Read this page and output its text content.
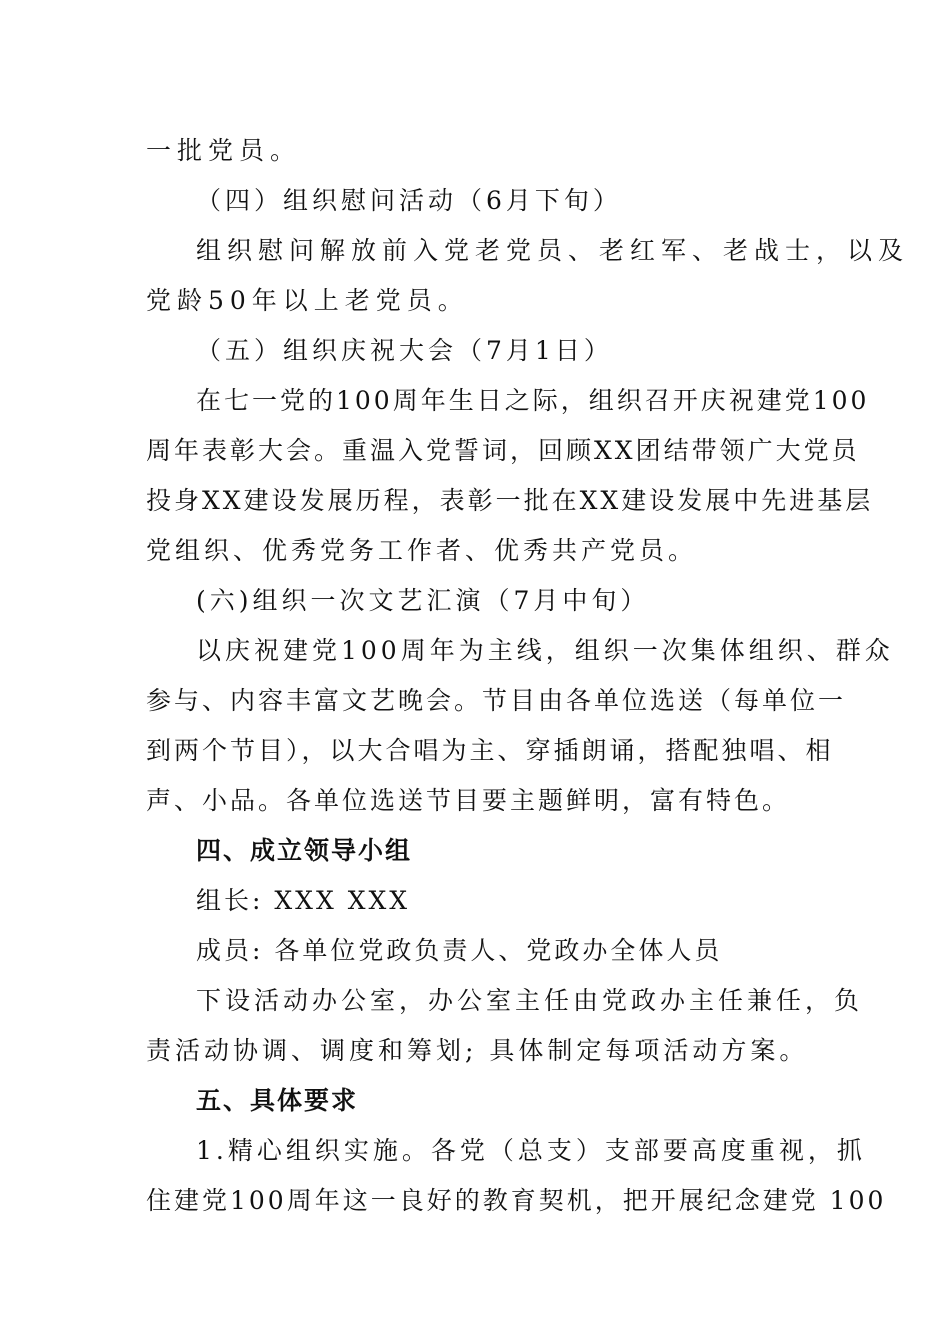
一批党员。
（四）组织慰问活动（6月下旬）
组织慰问解放前入党老党员、老红军、老战士，以及
党龄50年以上老党员。
（五）组织庆祝大会（7月1日）
在七一党的100周年生日之际，组织召开庆祝建党100
周年表彰大会。重温入党誓词，回顾XX团结带领广大党员
投身XX建设发展历程，表彰一批在XX建设发展中先进基层
党组织、优秀党务工作者、优秀共产党员。
(六)组织一次文艺汇演（7月中旬）
以庆祝建党100周年为主线，组织一次集体组织、群众
参与、内容丰富文艺晚会。节目由各单位选送（每单位一
到两个节目），以大合唱为主、穿插朗诵，搭配独唱、相
声、小品。各单位选送节目要主题鲜明，富有特色。
四、成立领导小组
组长: XXX XXX
成员: 各单位党政负责人、党政办全体人员
下设活动办公室，办公室主任由党政办主任兼任，负
责活动协调、调度和筹划; 具体制定每项活动方案。
五、具体要求
1.精心组织实施。各党（总支）支部要高度重视，抓
住建党100周年这一良好的教育契机，把开展纪念建党 100
